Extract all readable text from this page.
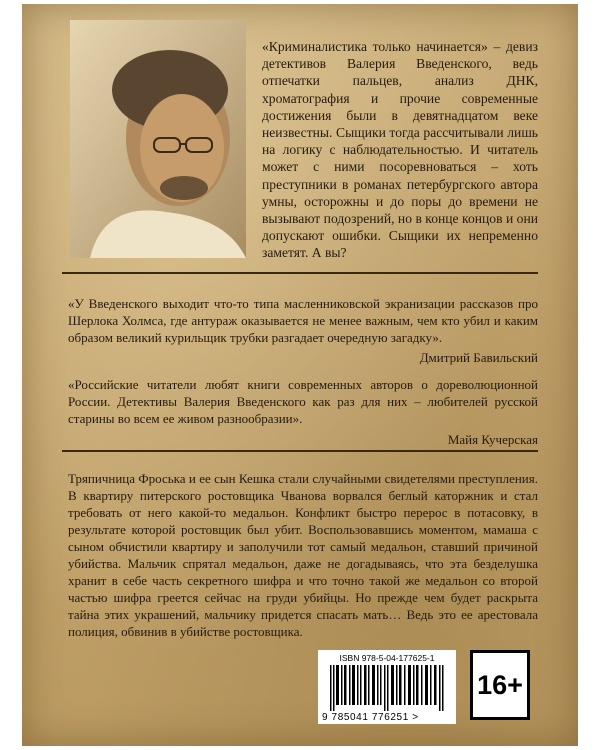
«Криминалистика только начинается» – девиз детективов Валерия Введенского, ведь отпечатки пальцев, анализ ДНК, хроматография и прочие современные достижения были в девятнадцатом веке неизвестны. Сыщики тогда рассчитывали лишь на логику с наблюдательностью. И читатель может с ними посоревноваться – хоть преступники в романах петербургского автора умны, осторожны и до поры до времени не вызывают подозрений, но в конце концов и они допускают ошибки. Сыщики их непременно заметят. А вы?

«У Введенского выходит что-то типа масленниковской экранизации рассказов про Шерлока Холмса, где антураж оказывается не менее важным, чем кто убил и каким образом великий курильщик трубки разгадает очередную загадку».

Дмитрий Бавильский

«Российские читатели любят книги современных авторов о дореволюционной России. Детективы Валерия Введенского как раз для них – любителей русской старины во всем ее живом разнообразии».

Майя Кучерская

Тряпичница Фроська и ее сын Кешка стали случайными свидетелями преступления. В квартиру питерского ростовщика Чванова ворвался беглый каторжник и стал требовать от него какой-то медальон. Конфликт быстро перерос в потасовку, в результате которой ростовщик был убит. Воспользовавшись моментом, мамаша с сыном обчистили квартиру и заполучили тот самый медальон, ставший причиной убийства. Мальчик спрятал медальон, даже не догадываясь, что эта безделушка хранит в себе часть секретного шифра и что точно такой же медальон со второй частью шифра греется сейчас на груди убийцы. Но прежде чем будет раскрыта тайна этих украшений, мальчику придется спасать мать… Ведь это ее арестовала полиция, обвинив в убийстве ростовщика.

ISBN 978-5-04-177625-1
9 785041 776251 >
16+
